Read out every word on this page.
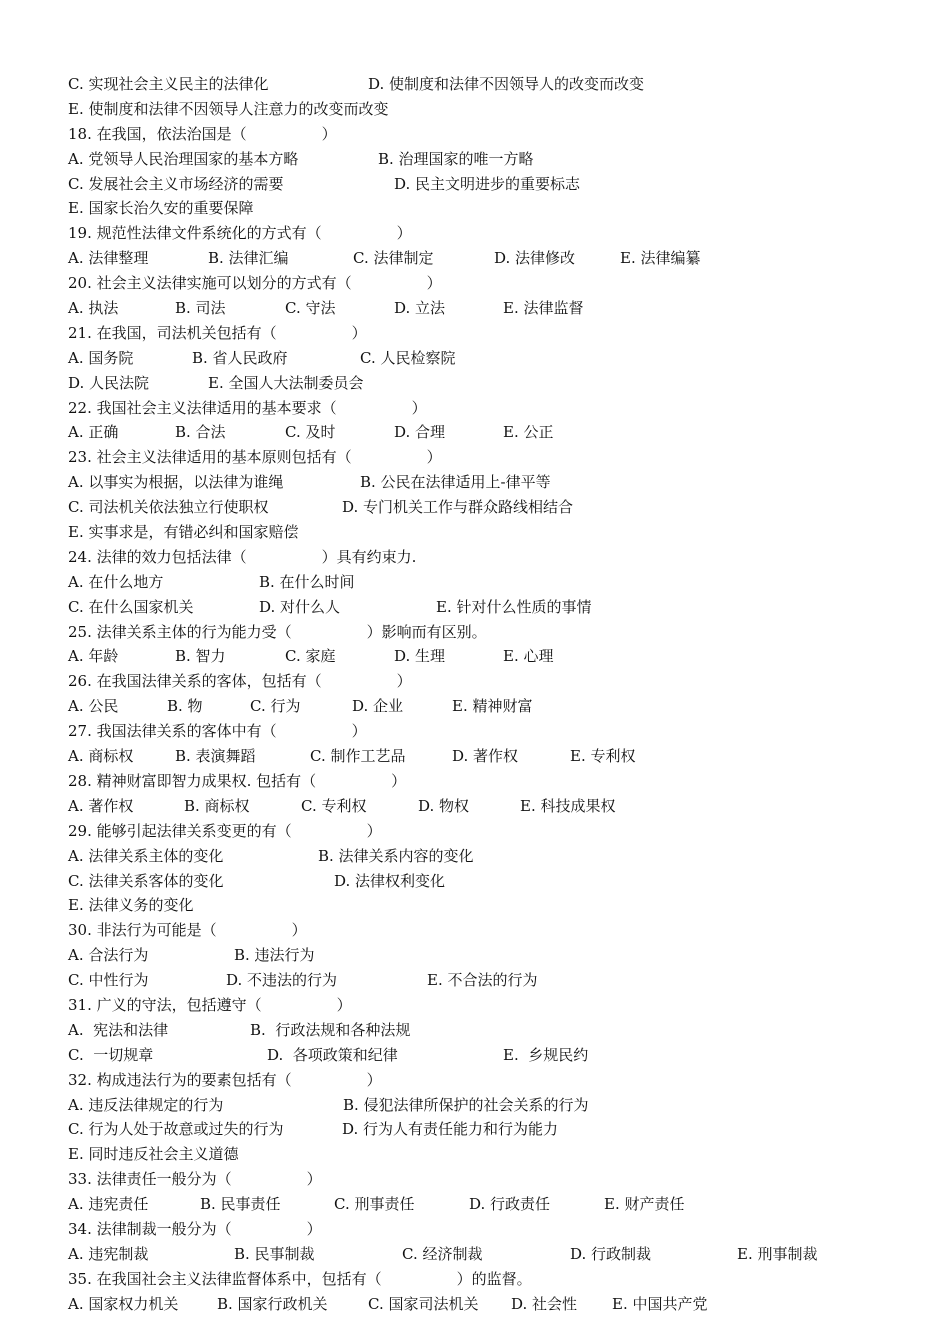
C. 实现社会主义民主的法律化	D. 使制度和法律不因领导人的改变而改变
E. 使制度和法律不因领导人注意力的改变而改变
18. 在我国，依法治国是（　　　　　）
A. 党领导人民治理国家的基本方略	B. 治理国家的唯一方略
C. 发展社会主义市场经济的需要	D. 民主文明进步的重要标志
E. 国家长治久安的重要保障
19. 规范性法律文件系统化的方式有（　　　　　）
A. 法律整理	B. 法律汇编	C. 法律制定	D. 法律修改	E. 法律编纂
20. 社会主义法律实施可以划分的方式有（　　　　　）
A. 执法	B. 司法	C. 守法	D. 立法	E. 法律监督
21. 在我国，司法机关包括有（　　　　　）
A. 国务院	B. 省人民政府	C. 人民检察院
D. 人民法院	E. 全国人大法制委员会
22. 我国社会主义法律适用的基本要求（　　　　　）
A. 正确	B. 合法	C. 及时	D. 合理	E. 公正
23. 社会主义法律适用的基本原则包括有（　　　　　）
A. 以事实为根据，以法律为谁绳	B. 公民在法律适用上-律平等
C. 司法机关依法独立行使职权	D. 专门机关工作与群众路线相结合
E. 实事求是，有错必纠和国家赔偿
24. 法律的效力包括法律（　　　　　）具有约束力.
A. 在什么地方	B. 在什么时间
C. 在什么国家机关	D. 对什么人	E. 针对什么性质的事情
25. 法律关系主体的行为能力受（　　　　　）影响而有区别。
A. 年龄	B. 智力	C. 家庭	D. 生理	E. 心理
26. 在我国法律关系的客体，包括有（　　　　　）
A. 公民	B. 物	C. 行为	D. 企业	E. 精神财富
27. 我国法律关系的客体中有（　　　　　）
A. 商标权	B. 表演舞蹈	C. 制作工艺品	D. 著作权	E. 专利权
28. 精神财富即智力成果权. 包括有（　　　　　）
A. 著作权	B. 商标权	C. 专利权	D. 物权	E. 科技成果权
29. 能够引起法律关系变更的有（　　　　　）
A. 法律关系主体的变化	B. 法律关系内容的变化
C. 法律关系客体的变化	D. 法律权利变化
E. 法律义务的变化
30. 非法行为可能是（　　　　　）
A. 合法行为	B. 违法行为
C. 中性行为	D. 不违法的行为	E. 不合法的行为
31. 广义的守法，包括遵守（　　　　　）
A.  宪法和法律	B.  行政法规和各种法规
C.  一切规章	D.  各项政策和纪律	E.  乡规民约
32. 构成违法行为的要素包括有（　　　　　）
A. 违反法律规定的行为	B. 侵犯法律所保护的社会关系的行为
C. 行为人处于故意或过失的行为	D. 行为人有责任能力和行为能力
E. 同时违反社会主义道德
33. 法律责任一般分为（　　　　　）
A. 违宪责任	B. 民事责任	C. 刑事责任	D. 行政责任	E. 财产责任
34. 法律制裁一般分为（　　　　　）
A. 违宪制裁	B. 民事制裁	C. 经济制裁	D. 行政制裁	E. 刑事制裁
35. 在我国社会主义法律监督体系中，包括有（　　　　　）的监督。
A. 国家权力机关	B. 国家行政机关	C. 国家司法机关 D. 社会性 E. 中国共产党
